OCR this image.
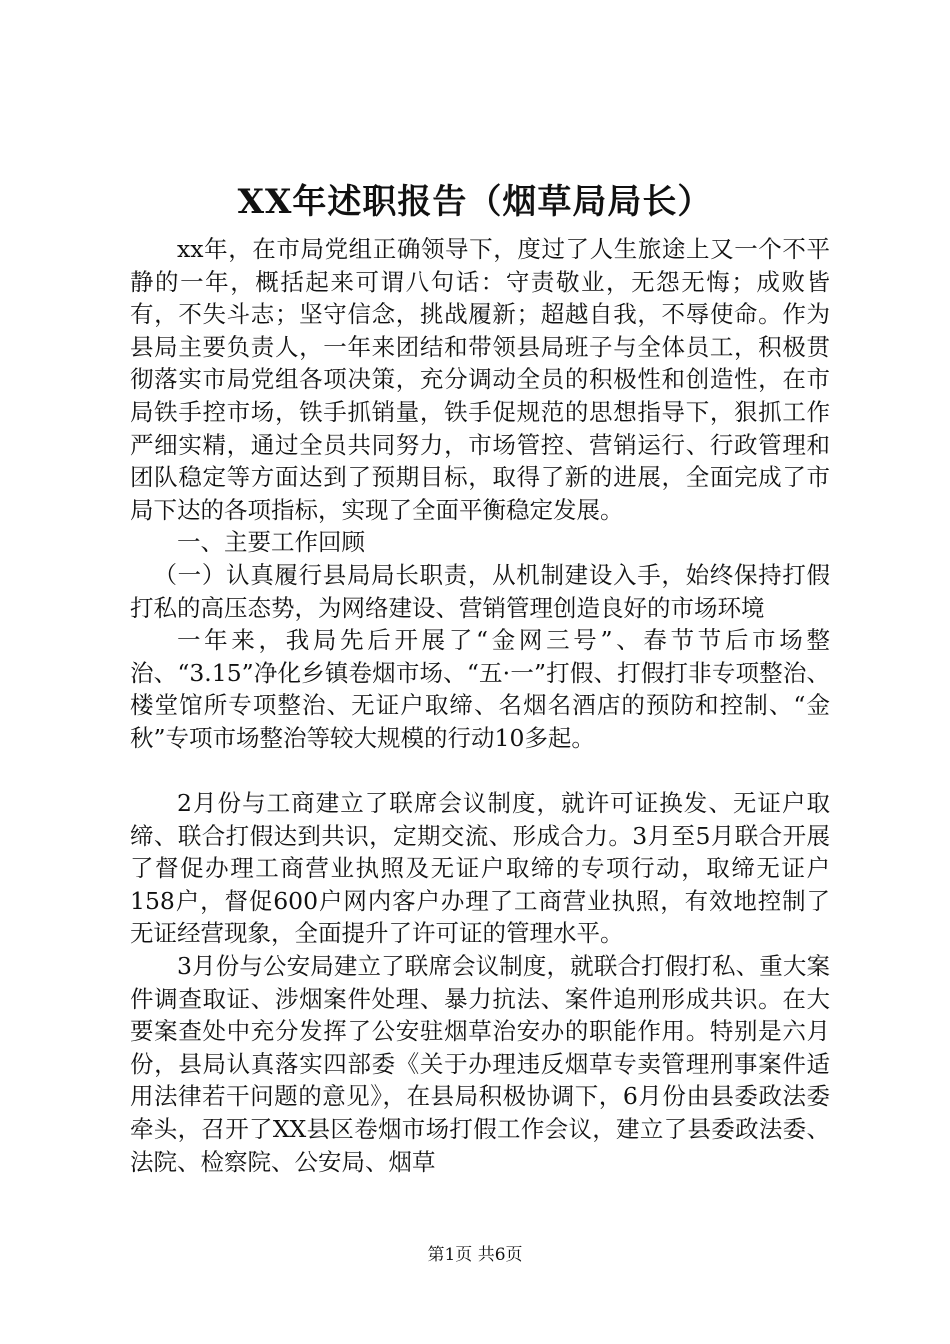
XX年述职报告（烟草局局长）

xx年，在市局党组正确领导下，度过了人生旅途上又一个不平静的一年，概括起来可谓八句话：守责敬业，无怨无悔；成败皆有，不失斗志；坚守信念，挑战履新；超越自我，不辱使命。作为县局主要负责人，一年来团结和带领县局班子与全体员工，积极贯彻落实市局党组各项决策，充分调动全员的积极性和创造性，在市局铁手控市场，铁手抓销量，铁手促规范的思想指导下，狠抓工作严细实精，通过全员共同努力，市场管控、营销运行、行政管理和团队稳定等方面达到了预期目标，取得了新的进展，全面完成了市局下达的各项指标，实现了全面平衡稳定发展。

一、主要工作回顾

（一）认真履行县局局长职责，从机制建设入手，始终保持打假打私的高压态势，为网络建设、营销管理创造良好的市场环境

一年来，我局先后开展了“金网三号”、春节节后市场整治、“3.15”净化乡镇卷烟市场、“五·一”打假、打假打非专项整治、楼堂馆所专项整治、无证户取缔、名烟名酒店的预防和控制、“金秋”专项市场整治等较大规模的行动10多起。

2月份与工商建立了联席会议制度，就许可证换发、无证户取缔、联合打假达到共识，定期交流、形成合力。3月至5月联合开展了督促办理工商营业执照及无证户取缔的专项行动，取缔无证户158户，督促600户网内客户办理了工商营业执照，有效地控制了无证经营现象，全面提升了许可证的管理水平。

3月份与公安局建立了联席会议制度，就联合打假打私、重大案件调查取证、涉烟案件处理、暴力抗法、案件追刑形成共识。在大要案查处中充分发挥了公安驻烟草治安办的职能作用。特别是六月份，县局认真落实四部委《关于办理违反烟草专卖管理刑事案件适用法律若干问题的意见》，在县局积极协调下，6月份由县委政法委牵头，召开了XX县区卷烟市场打假工作会议，建立了县委政法委、法院、检察院、公安局、烟草

第1页 共6页
